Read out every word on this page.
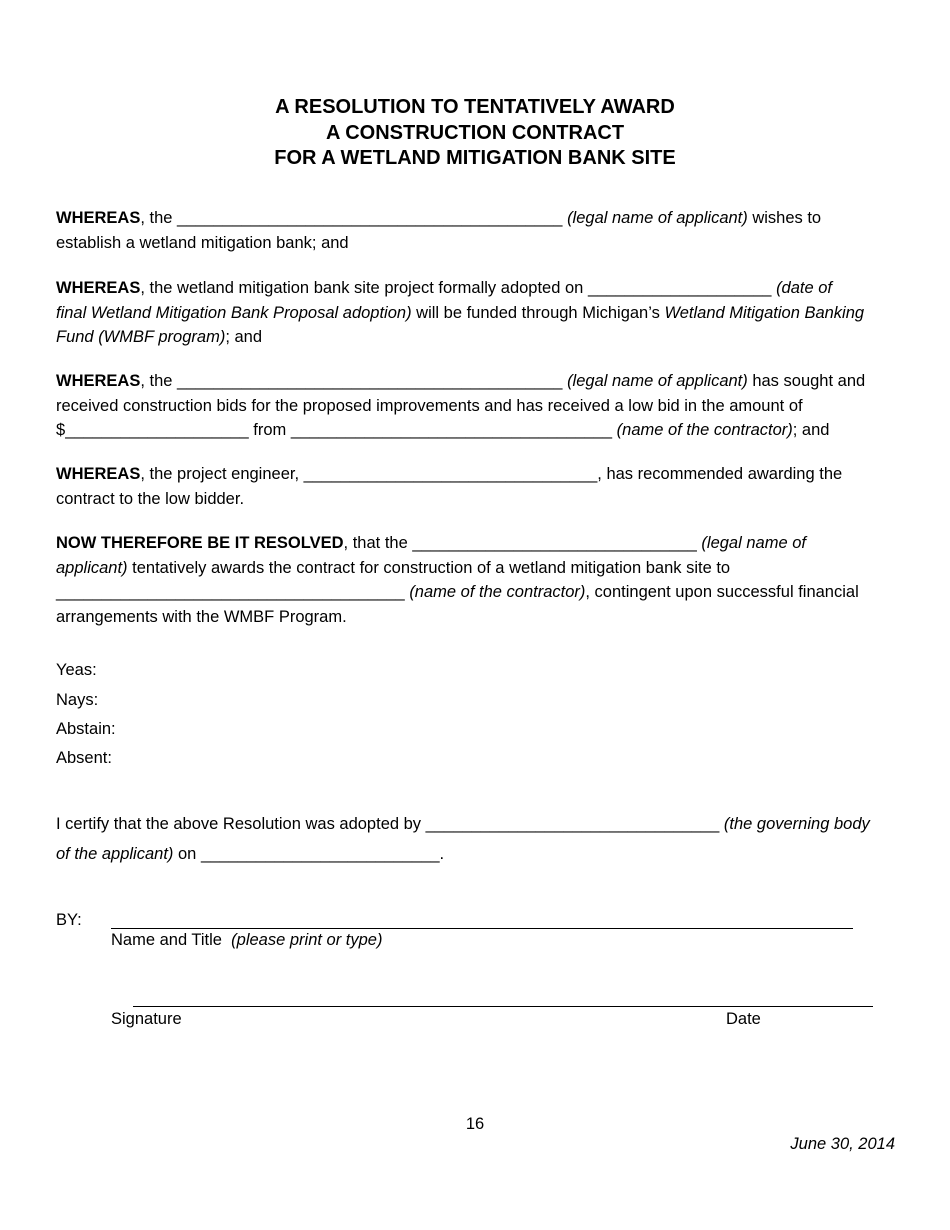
A RESOLUTION TO TENTATIVELY AWARD
A CONSTRUCTION CONTRACT
FOR A WETLAND MITIGATION BANK SITE
WHEREAS, the __________________________________________ (legal name of applicant) wishes to
establish a wetland mitigation bank; and
WHEREAS, the wetland mitigation bank site project formally adopted on ____________________ (date of
final Wetland Mitigation Bank Proposal adoption) will be funded through Michigan’s Wetland Mitigation Banking
Fund (WMBF program); and
WHEREAS, the __________________________________________ (legal name of applicant) has sought and
received construction bids for the proposed improvements and has received a low bid in the amount of
$____________________ from ___________________________________ (name of the contractor); and
WHEREAS, the project engineer, ________________________________, has recommended awarding the
contract to the low bidder.
NOW THEREFORE BE IT RESOLVED, that the _______________________________ (legal name of
applicant) tentatively awards the contract for construction of a wetland mitigation bank site to
______________________________________ (name of the contractor), contingent upon successful financial
arrangements with the WMBF Program.
Yeas:
Nays:
Abstain:
Absent:
I certify that the above Resolution was adopted by ________________________________ (the governing body
of the applicant) on __________________________.
BY:
Name and Title (please print or type)
Signature	Date
16
June 30, 2014
